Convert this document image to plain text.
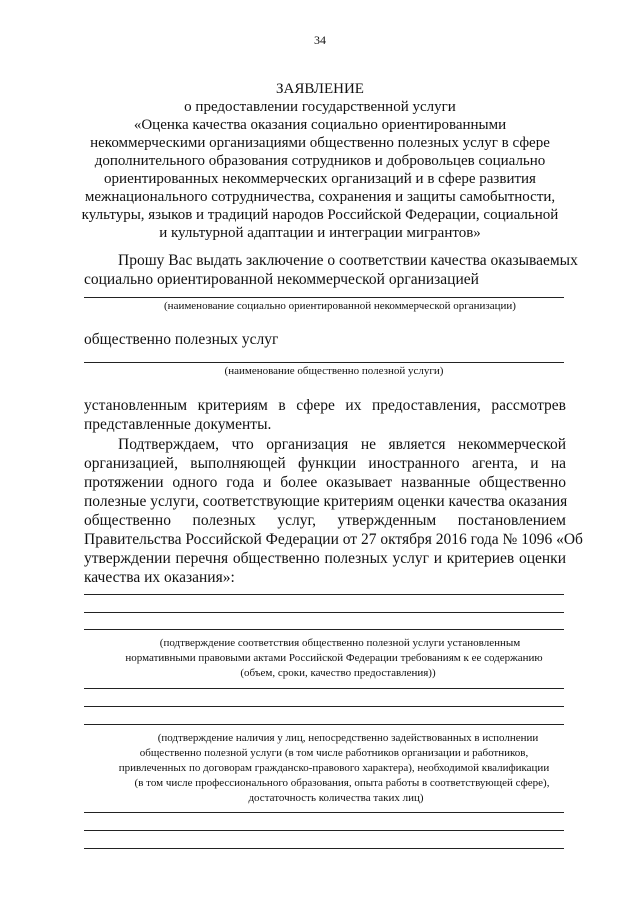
34
ЗАЯВЛЕНИЕ
о предоставлении государственной услуги
«Оценка качества оказания социально ориентированными
некоммерческими организациями общественно полезных услуг в сфере
дополнительного образования сотрудников и добровольцев социально
ориентированных некоммерческих организаций и в сфере развития
межнационального сотрудничества, сохранения и защиты самобытности,
культуры, языков и традиций народов Российской Федерации, социальной
и культурной адаптации и интеграции мигрантов»
Прошу Вас выдать заключение о соответствии качества оказываемых
социально ориентированной некоммерческой организацией
(наименование социально ориентированной некоммерческой организации)
общественно полезных услуг
(наименование общественно полезной услуги)
установленным критериям в сфере их предоставления, рассмотрев
представленные документы.
Подтверждаем, что организация не является некоммерческой
организацией, выполняющей функции иностранного агента, и на
протяжении одного года и более оказывает названные общественно
полезные услуги, соответствующие критериям оценки качества оказания
общественно полезных услуг, утвержденным постановлением
Правительства Российской Федерации от 27 октября 2016 года № 1096 «Об
утверждении перечня общественно полезных услуг и критериев оценки
качества их оказания»:
(подтверждение соответствия общественно полезной услуги установленным
нормативными правовыми актами Российской Федерации требованиям к ее содержанию
(объем, сроки, качество предоставления))
(подтверждение наличия у лиц, непосредственно задействованных в исполнении
общественно полезной услуги (в том числе работников организации и работников,
привлеченных по договорам гражданско-правового характера), необходимой квалификации
(в том числе профессионального образования, опыта работы в соответствующей сфере),
достаточность количества таких лиц)
